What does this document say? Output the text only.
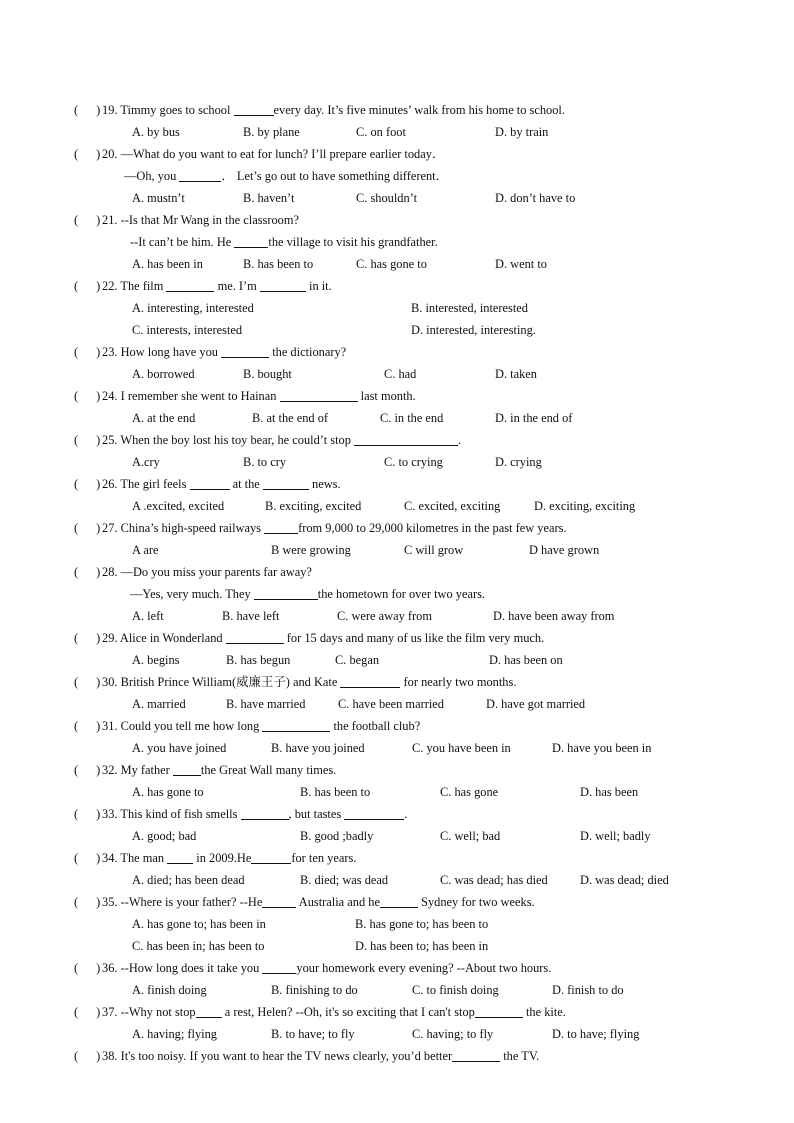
( ) 19. Timmy goes to school	every day. It’s five minutes’ walk from his home to school.
A. by bus	B. by plane	C. on foot	D. by train
( ) 20. —What do you want to eat for lunch? I’ll prepare earlier today．
—Oh, you	． Let’s go out to have something different．
A. mustn’t	B. haven’t	C. shouldn’t	D. don’t have to
( ) 21. --Is that Mr Wang in the classroom?
--It can’t be him. He	the village to visit his grandfather.
A. has been in	B. has been to	C. has gone to	D. went to
( ) 22. The film	me. I’m	in it.
A. interesting, interested	B. interested, interested
C. interests, interested	D. interested, interesting.
( ) 23. How long have you	the dictionary?
A. borrowed	B. bought	C. had	D. taken
( ) 24. I remember she went to Hainan	last month.
A. at the end	B. at the end of	C. in the end	D. in the end of
( ) 25. When the boy lost his toy bear, he could’t stop	.
A.cry	B. to cry	C. to crying	D. crying
( ) 26. The girl feels	at the	news.
A .excited, excited	B. exciting, excited	C. excited, exciting	D. exciting, exciting
( ) 27. China’s high-speed railways	from 9,000 to 29,000 kilometres in the past few years.
A are	B were growing	C will grow	D have grown
( ) 28. —Do you miss your parents far away?
—Yes, very much. They	the hometown for over two years.
A. left	B. have left	C. were away from	D. have been away from
( ) 29. Alice in Wonderland	for 15 days and many of us like the film very much.
A. begins	B. has begun	C. began	D. has been on
( ) 30. British Prince William(威廉王子) and Kate	for nearly two months.
A. married	B. have married	C. have been married	D. have got married
( ) 31. Could you tell me how long	the football club?
A. you have joined	B. have you joined	C. you have been in	D. have you been in
( ) 32. My father the Great Wall many times.
A. has gone to	B. has been to	C. has gone	D. has been
( ) 33. This kind of fish smells	, but tastes	.
A. good; bad	B. good ;badly	C. well; bad	D. well; badly
( ) 34. The man  in 2009.He	for ten years.
A. died; has been dead	B. died; was dead	C. was dead; has died	D. was dead; died
( ) 35. --Where is your father? --He	Australia and he	Sydney for two weeks.
A. has gone to; has been in	B. has gone to; has been to
C. has been in; has been to	D. has been to; has been in
( ) 36. --How long does it take you	your homework every evening? --About two hours.
A. finish doing	B. finishing to do	C. to finish doing	D. finish to do
( ) 37. --Why not stop a rest, Helen? --Oh, it's so exciting that I can't stop	the kite.
A. having; flying	B. to have; to fly	C. having; to fly	D. to have; flying
( ) 38. It's too noisy. If you want to hear the TV news clearly, you’d better	the TV.
